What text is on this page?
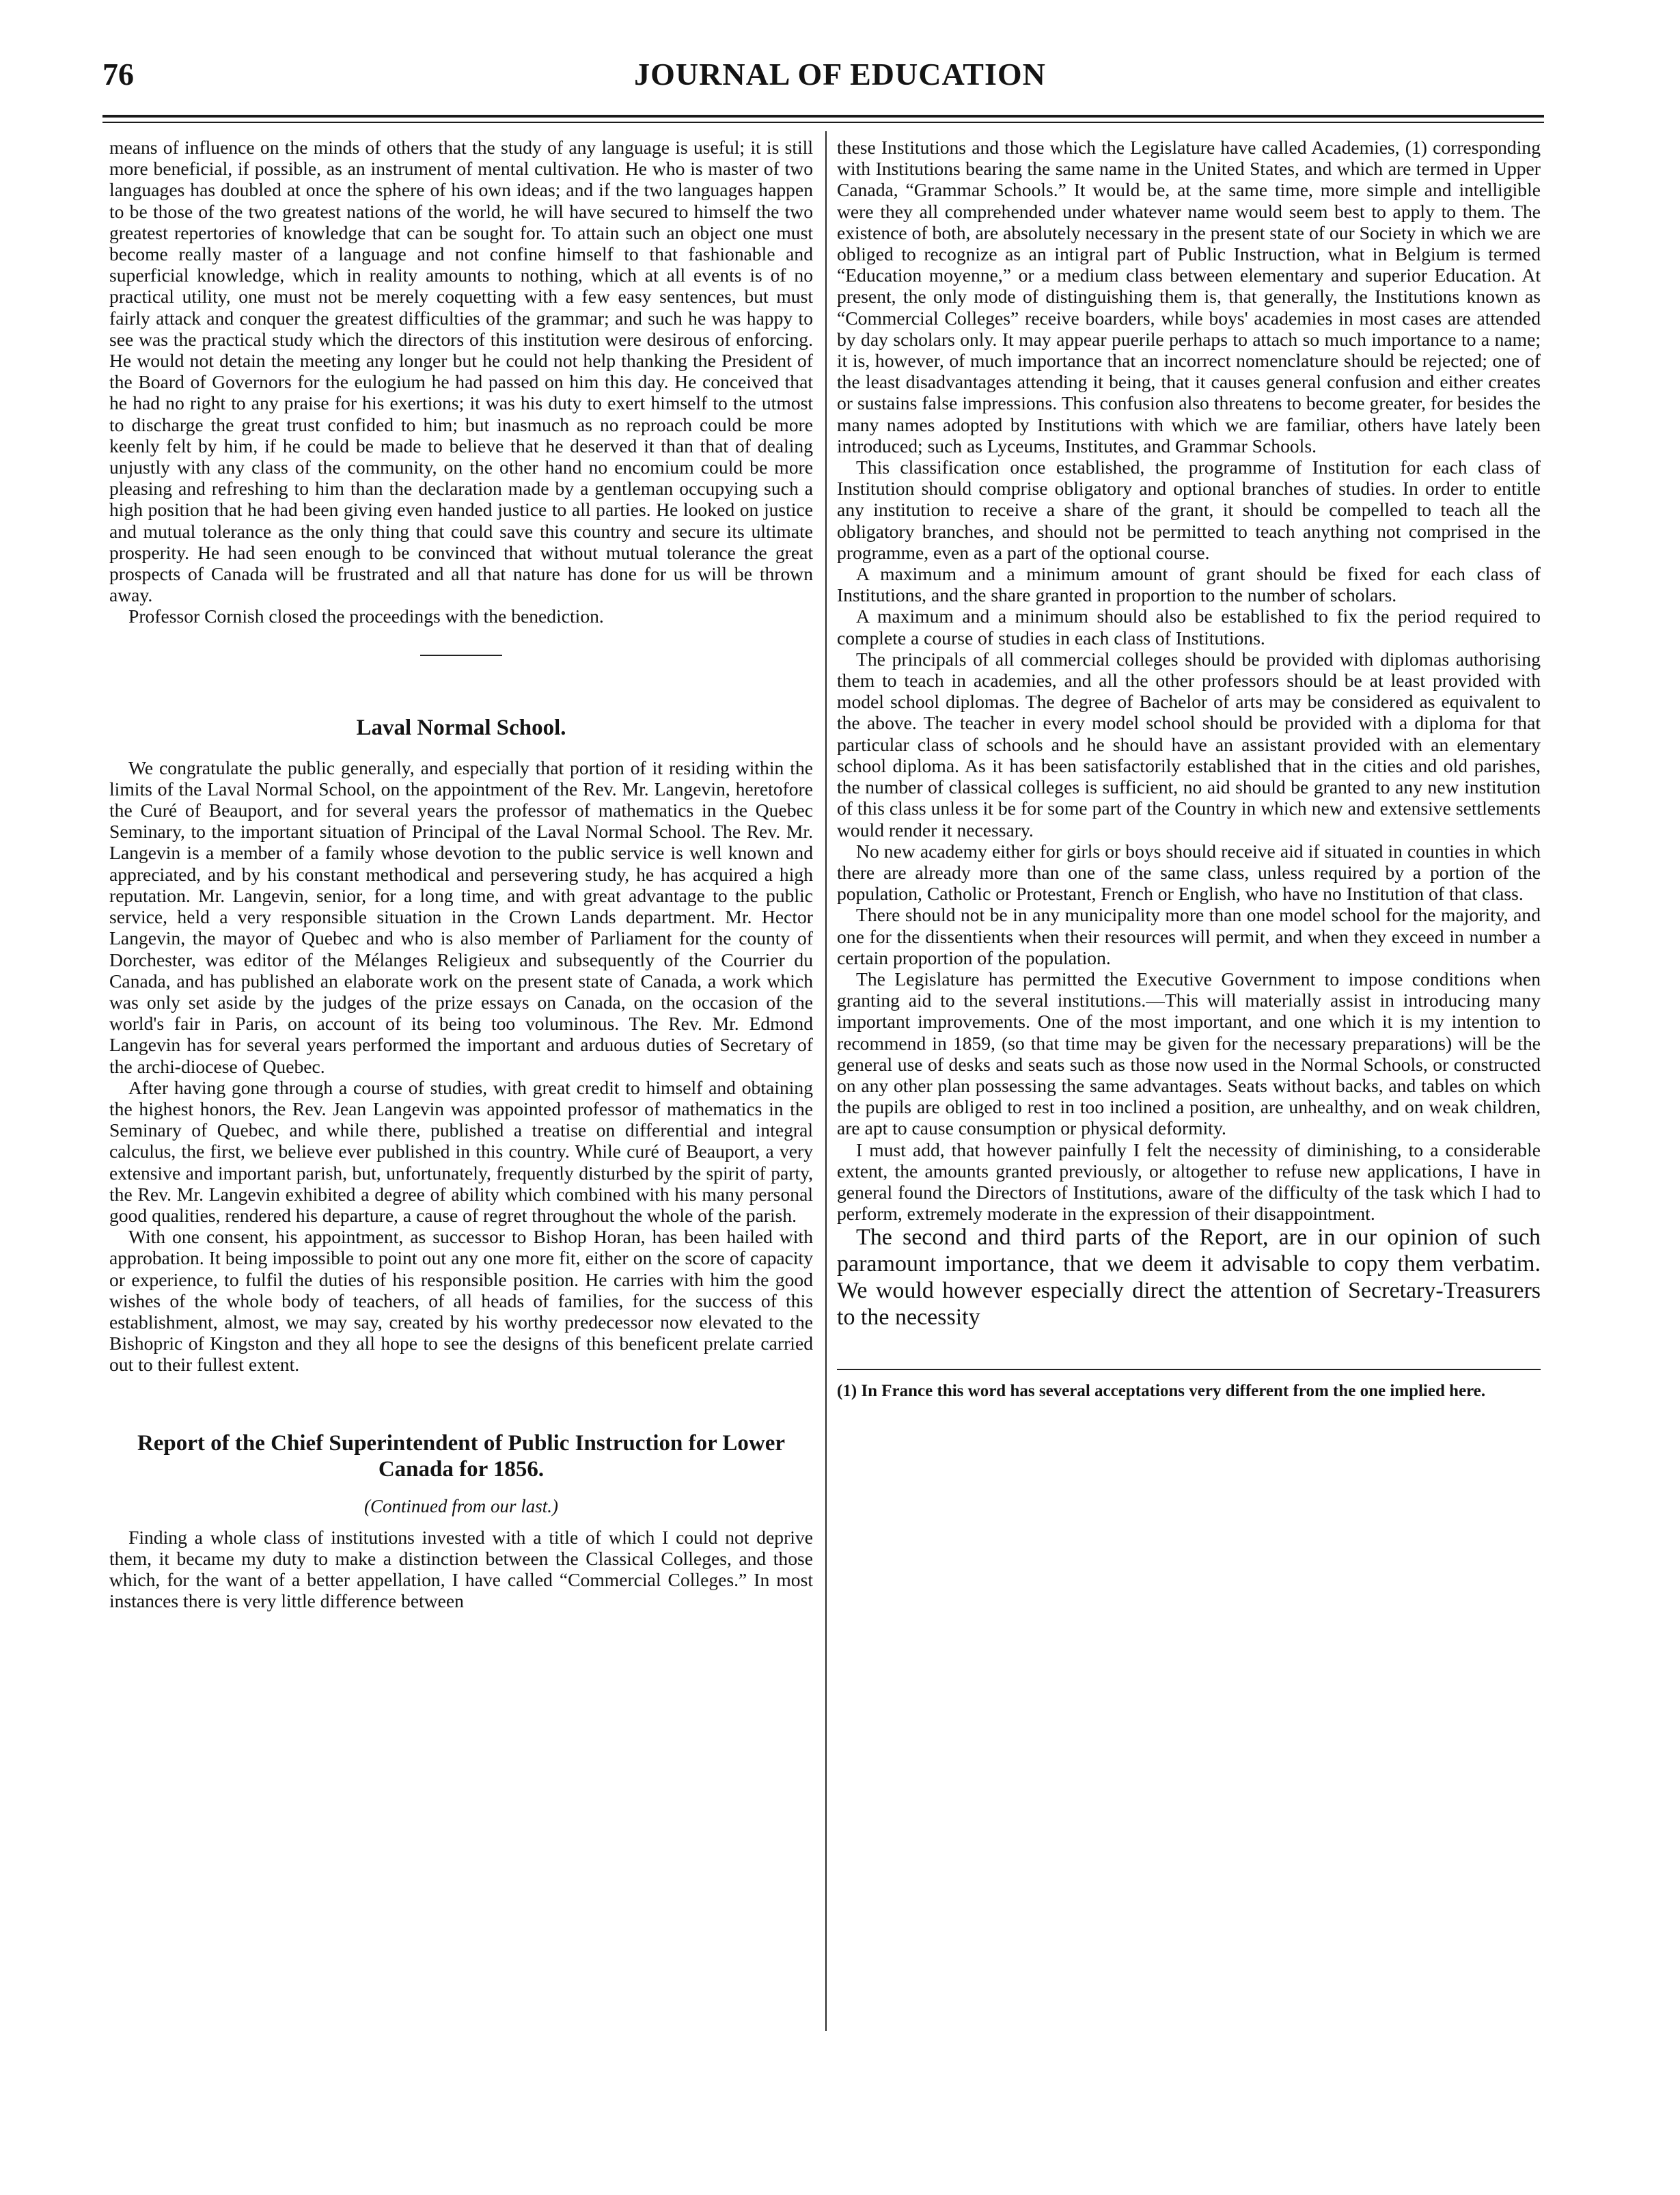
76	JOURNAL OF EDUCATION

means of influence on the minds of others that the study of any language is useful; it is still more beneficial, if possible, as an instrument of mental cultivation. He who is master of two languages has doubled at once the sphere of his own ideas; and if the two languages happen to be those of the two greatest nations of the world, he will have secured to himself the two greatest repertories of knowledge that can be sought for. To attain such an object one must become really master of a language and not confine himself to that fashionable and superficial knowledge, which in reality amounts to nothing, which at all events is of no practical utility, one must not be merely coquetting with a few easy sentences, but must fairly attack and conquer the greatest difficulties of the grammar; and such he was happy to see was the practical study which the directors of this institution were desirous of enforcing. He would not detain the meeting any longer but he could not help thanking the President of the Board of Governors for the eulogium he had passed on him this day. He conceived that he had no right to any praise for his exertions; it was his duty to exert himself to the utmost to discharge the great trust confided to him; but inasmuch as no reproach could be more keenly felt by him, if he could be made to believe that he deserved it than that of dealing unjustly with any class of the community, on the other hand no encomium could be more pleasing and refreshing to him than the declaration made by a gentleman occupying such a high position that he had been giving even handed justice to all parties. He looked on justice and mutual tolerance as the only thing that could save this country and secure its ultimate prosperity. He had seen enough to be convinced that without mutual tolerance the great prospects of Canada will be frustrated and all that nature has done for us will be thrown away.

Professor Cornish closed the proceedings with the benediction.

Laval Normal School.

We congratulate the public generally, and especially that portion of it residing within the limits of the Laval Normal School, on the appointment of the Rev. Mr. Langevin, heretofore the Curé of Beauport, and for several years the professor of mathematics in the Quebec Seminary, to the important situation of Principal of the Laval Normal School. The Rev. Mr. Langevin is a member of a family whose devotion to the public service is well known and appreciated, and by his constant methodical and persevering study, he has acquired a high reputation. Mr. Langevin, senior, for a long time, and with great advantage to the public service, held a very responsible situation in the Crown Lands department. Mr. Hector Langevin, the mayor of Quebec and who is also member of Parliament for the county of Dorchester, was editor of the Mélanges Religieux and subsequently of the Courrier du Canada, and has published an elaborate work on the present state of Canada, a work which was only set aside by the judges of the prize essays on Canada, on the occasion of the world's fair in Paris, on account of its being too voluminous. The Rev. Mr. Edmond Langevin has for several years performed the important and arduous duties of Secretary of the archi-diocese of Quebec.

After having gone through a course of studies, with great credit to himself and obtaining the highest honors, the Rev. Jean Langevin was appointed professor of mathematics in the Seminary of Quebec, and while there, published a treatise on differential and integral calculus, the first, we believe ever published in this country. While curé of Beauport, a very extensive and important parish, but, unfortunately, frequently disturbed by the spirit of party, the Rev. Mr. Langevin exhibited a degree of ability which combined with his many personal good qualities, rendered his departure, a cause of regret throughout the whole of the parish.

With one consent, his appointment, as successor to Bishop Horan, has been hailed with approbation. It being impossible to point out any one more fit, either on the score of capacity or experience, to fulfil the duties of his responsible position. He carries with him the good wishes of the whole body of teachers, of all heads of families, for the success of this establishment, almost, we may say, created by his worthy predecessor now elevated to the Bishopric of Kingston and they all hope to see the designs of this beneficent prelate carried out to their fullest extent.

Report of the Chief Superintendent of Public Instruction for Lower Canada for 1856.
(Continued from our last.)

Finding a whole class of institutions invested with a title of which I could not deprive them, it became my duty to make a distinction between the Classical Colleges, and those which, for the want of a better appellation, I have called “Commercial Colleges.” In most instances there is very little difference between

these Institutions and those which the Legislature have called Academies, (1) corresponding with Institutions bearing the same name in the United States, and which are termed in Upper Canada, “Grammar Schools.” It would be, at the same time, more simple and intelligible were they all comprehended under whatever name would seem best to apply to them. The existence of both, are absolutely necessary in the present state of our Society in which we are obliged to recognize as an intigral part of Public Instruction, what in Belgium is termed “Education moyenne,” or a medium class between elementary and superior Education. At present, the only mode of distinguishing them is, that generally, the Institutions known as “Commercial Colleges” receive boarders, while boys' academies in most cases are attended by day scholars only. It may appear puerile perhaps to attach so much importance to a name; it is, however, of much importance that an incorrect nomenclature should be rejected; one of the least disadvantages attending it being, that it causes general confusion and either creates or sustains false impressions. This confusion also threatens to become greater, for besides the many names adopted by Institutions with which we are familiar, others have lately been introduced; such as Lyceums, Institutes, and Grammar Schools.

This classification once established, the programme of Institution for each class of Institution should comprise obligatory and optional branches of studies. In order to entitle any institution to receive a share of the grant, it should be compelled to teach all the obligatory branches, and should not be permitted to teach anything not comprised in the programme, even as a part of the optional course.

A maximum and a minimum amount of grant should be fixed for each class of Institutions, and the share granted in proportion to the number of scholars.

A maximum and a minimum should also be established to fix the period required to complete a course of studies in each class of Institutions.

The principals of all commercial colleges should be provided with diplomas authorising them to teach in academies, and all the other professors should be at least provided with model school diplomas. The degree of Bachelor of arts may be considered as equivalent to the above. The teacher in every model school should be provided with a diploma for that particular class of schools and he should have an assistant provided with an elementary school diploma. As it has been satisfactorily established that in the cities and old parishes, the number of classical colleges is sufficient, no aid should be granted to any new institution of this class unless it be for some part of the Country in which new and extensive settlements would render it necessary.

No new academy either for girls or boys should receive aid if situated in counties in which there are already more than one of the same class, unless required by a portion of the population, Catholic or Protestant, French or English, who have no Institution of that class.

There should not be in any municipality more than one model school for the majority, and one for the dissentients when their resources will permit, and when they exceed in number a certain proportion of the population.

The Legislature has permitted the Executive Government to impose conditions when granting aid to the several institutions.—This will materially assist in introducing many important improvements. One of the most important, and one which it is my intention to recommend in 1859, (so that time may be given for the necessary preparations) will be the general use of desks and seats such as those now used in the Normal Schools, or constructed on any other plan possessing the same advantages. Seats without backs, and tables on which the pupils are obliged to rest in too inclined a position, are unhealthy, and on weak children, are apt to cause consumption or physical deformity.

I must add, that however painfully I felt the necessity of diminishing, to a considerable extent, the amounts granted previously, or altogether to refuse new applications, I have in general found the Directors of Institutions, aware of the difficulty of the task which I had to perform, extremely moderate in the expression of their disappointment.

The second and third parts of the Report, are in our opinion of such paramount importance, that we deem it advisable to copy them verbatim. We would however especially direct the attention of Secretary-Treasurers to the necessity

(1) In France this word has several acceptations very different from the one implied here.
